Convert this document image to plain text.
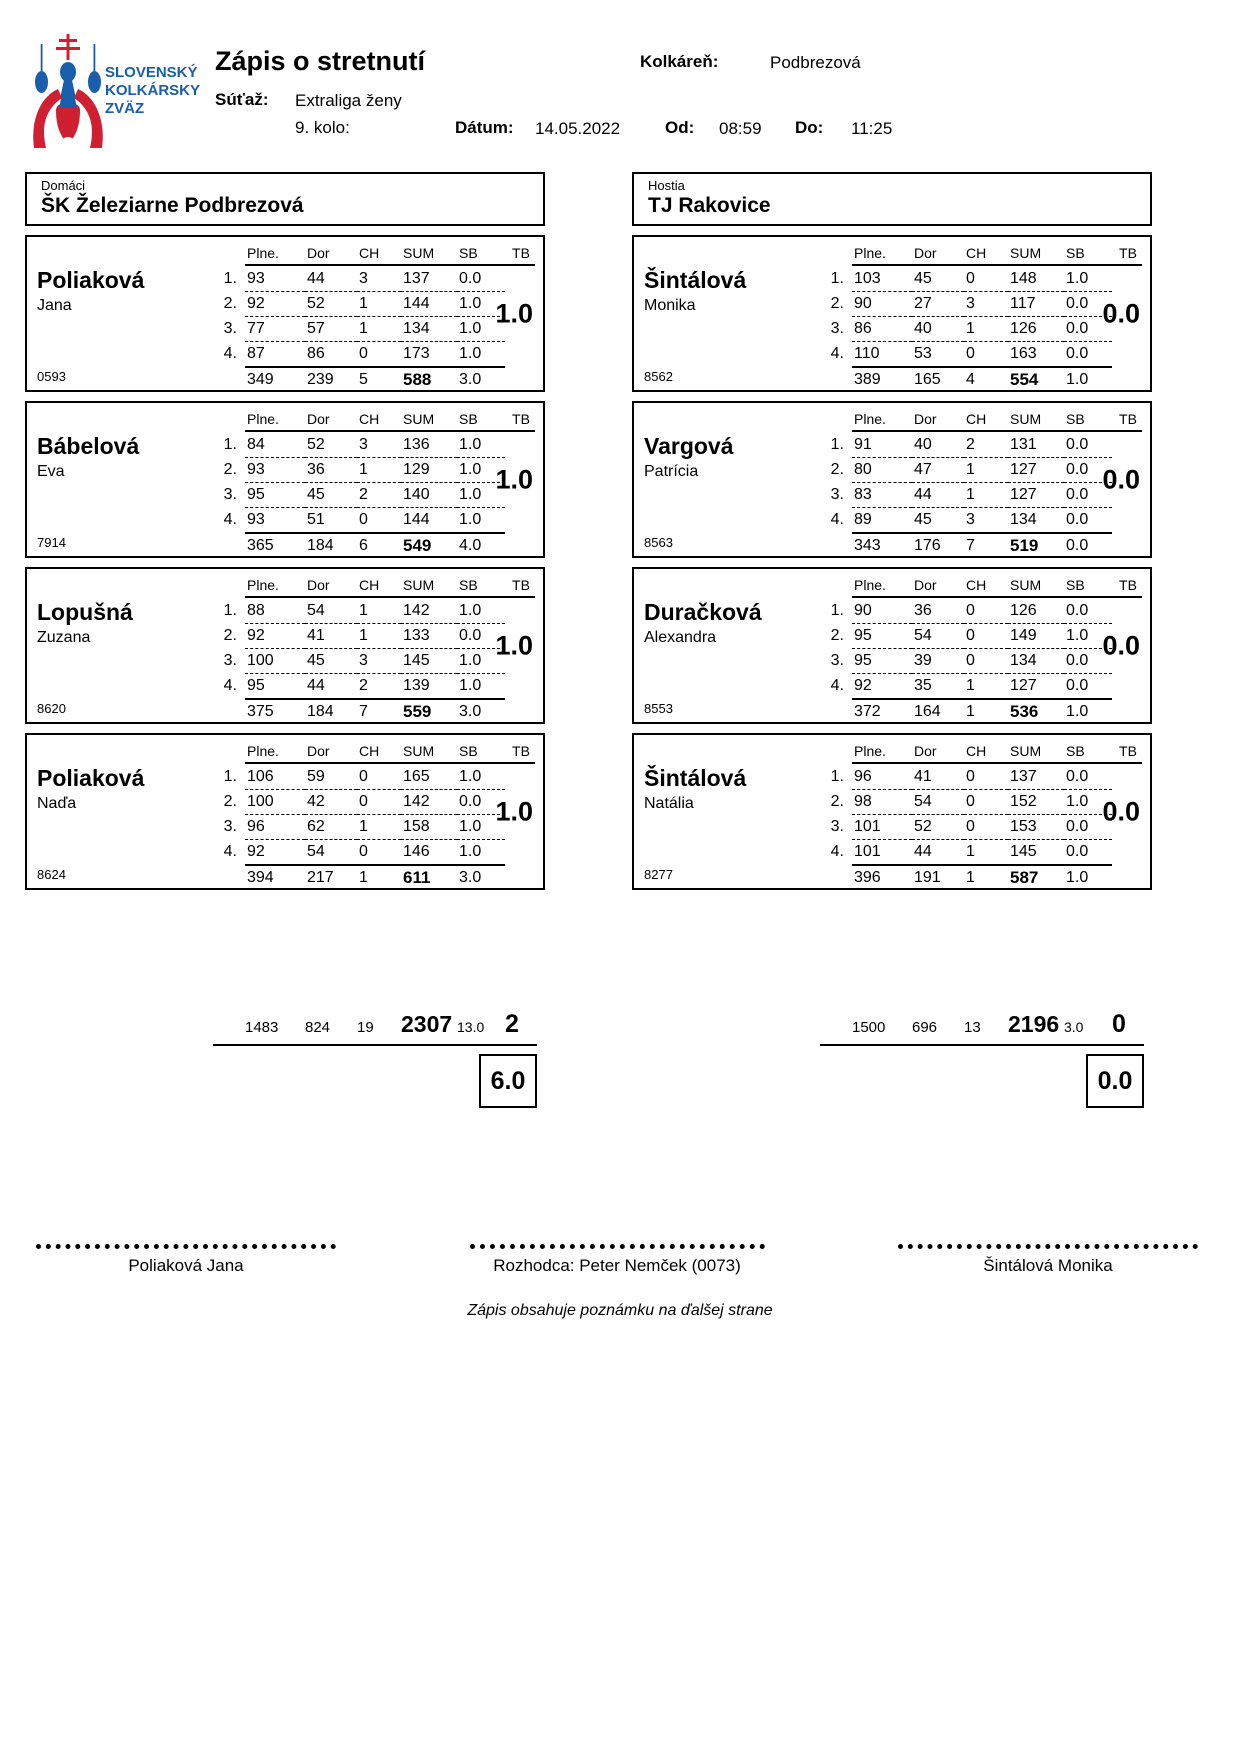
SLOVENSKÝ
KOLKÁRSKY
ZVÄZ
Zápis o stretnutí	Kolkáreň:	Podbrezová
Súťaž: Extraliga ženy
9. kolo:	Dátum: 14.05.2022	Od: 08:59 Do: 11:25
Domáci
ŠK Železiarne Podbrezová
Poliaková
Jana
0593
Plne.	Dor	CH	SUM	SB	TB
1. 93	44	3	137	0.0
2. 92	52	1	144	1.0
3. 77	57	1	134	1.0
4. 87	86	0	173	1.0
349	239	5	588	3.0
1.0
Bábelová
Eva
7914
Plne.	Dor	CH	SUM	SB	TB
1. 84	52	3	136	1.0
2. 93	36	1	129	1.0
3. 95	45	2	140	1.0
4. 93	51	0	144	1.0
365	184	6	549	4.0
1.0
Lopušná
Zuzana
8620
Plne.	Dor	CH	SUM	SB	TB
1. 88	54	1	142	1.0
2. 92	41	1	133	0.0
3. 100	45	3	145	1.0
4. 95	44	2	139	1.0
375	184	7	559	3.0
1.0
Poliaková
Naďa
8624
Plne.	Dor	CH	SUM	SB	TB
1. 106	59	0	165	1.0
2. 100	42	0	142	0.0
3. 96	62	1	158	1.0
4. 92	54	0	146	1.0
394	217	1	611	3.0
1.0
1483	824	19	2307 13.0 2
6.0
Hostia
TJ Rakovice
Šintálová
Monika
8562
Plne.	Dor	CH	SUM	SB	TB
1. 103	45	0	148	1.0
2. 90	27	3	117	0.0
3. 86	40	1	126	0.0
4. 110	53	0	163	0.0
389	165	4	554	1.0
0.0
Vargová
Patrícia
8563
Plne.	Dor	CH	SUM	SB	TB
1. 91	40	2	131	0.0
2. 80	47	1	127	0.0
3. 83	44	1	127	0.0
4. 89	45	3	134	0.0
343	176	7	519	0.0
0.0
Duračková
Alexandra
8553
Plne.	Dor	CH	SUM	SB	TB
1. 90	36	0	126	0.0
2. 95	54	0	149	1.0
3. 95	39	0	134	0.0
4. 92	35	1	127	0.0
372	164	1	536	1.0
0.0
Šintálová
Natália
8277
Plne.	Dor	CH	SUM	SB	TB
1. 96	41	0	137	0.0
2. 98	54	0	152	1.0
3. 101	52	0	153	0.0
4. 101	44	1	145	0.0
396	191	1	587	1.0
0.0
1500	696	13	2196 3.0	0
0.0
Poliaková Jana	Rozhodca: Peter Nemček (0073)	Šintálová Monika
Zápis obsahuje poznámku na ďalšej strane
